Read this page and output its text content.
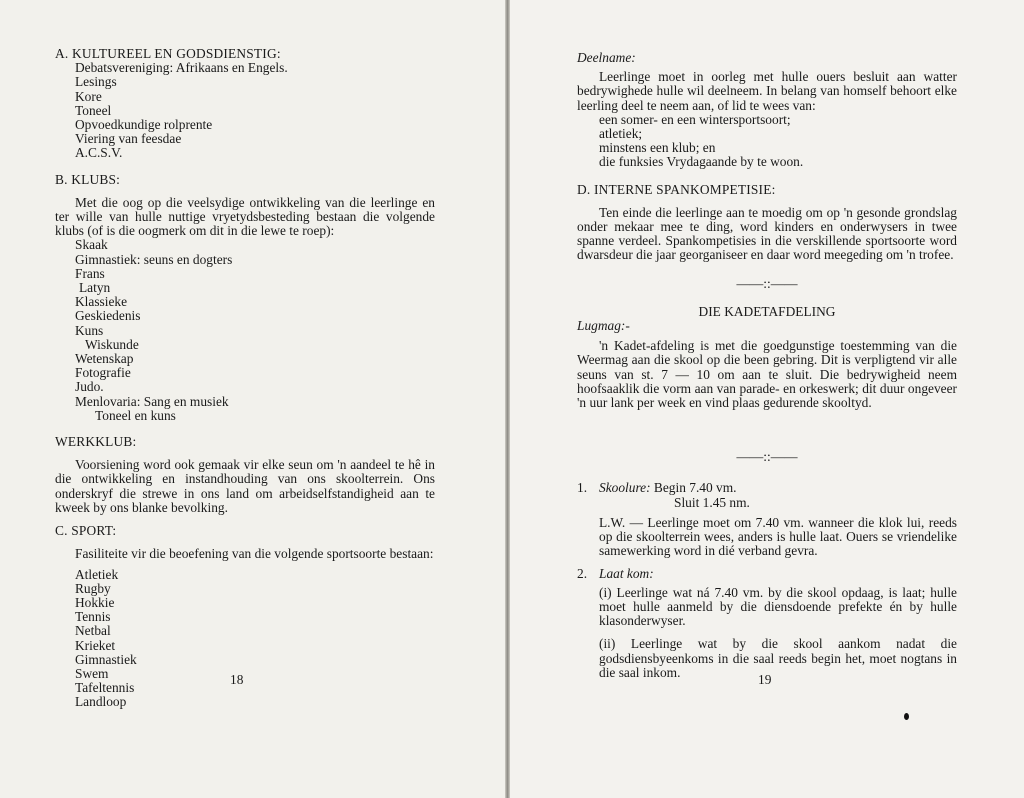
A. KULTUREEL EN GODSDIENSTIG:
Debatsvereniging: Afrikaans en Engels.
Lesings
Kore
Toneel
Opvoedkundige rolprente
Viering van feesdae
A.C.S.V.
B. KLUBS:
Met die oog op die veelsydige ontwikkeling van die leerlinge en ter wille van hulle nuttige vryetydsbesteding bestaan die volgende klubs (of is die oogmerk om dit in die lewe te roep):
Skaak
Gimnastiek: seuns en dogters
Frans
Latyn
Klassieke
Geskiedenis
Kuns
Wiskunde
Wetenskap
Fotografie
Judo.
Menlovaria: Sang en musiek
Toneel en kuns
WERKKLUB:
Voorsiening word ook gemaak vir elke seun om 'n aandeel te hê in die ontwikkeling en instandhouding van ons skoolterrein. Ons onderskryf die strewe in ons land om arbeidselfstandigheid aan te kweek by ons blanke bevolking.
C. SPORT:
Fasiliteite vir die beoefening van die volgende sportsoorte bestaan:
Atletiek
Rugby
Hokkie
Tennis
Netbal
Krieket
Gimnastiek
Swem
Tafeltennis
Landloop
18
Deelname:
Leerlinge moet in oorleg met hulle ouers besluit aan watter bedrywighede hulle wil deelneem. In belang van homself behoort elke leerling deel te neem aan, of lid te wees van:
een somer- en een wintersportsoort;
atletiek;
minstens een klub; en
die funksies Vrydagaande by te woon.
D. INTERNE SPANKOMPETISIE:
Ten einde die leerlinge aan te moedig om op 'n gesonde grondslag onder mekaar mee te ding, word kinders en onderwysers in twee spanne verdeel. Spankompetisies in die verskillende sportsoorte word dwarsdeur die jaar georganiseer en daar word meegeding om 'n trofee.
——::——
DIE KADETAFDELING
Lugmag:-
'n Kadet-afdeling is met die goedgunstige toestemming van die Weermag aan die skool op die been gebring. Dit is verpligtend vir alle seuns van st. 7 — 10 om aan te sluit. Die bedrywigheid neem hoofsaaklik die vorm aan van parade- en orkeswerk; dit duur ongeveer 'n uur lank per week en vind plaas gedurende skooltyd.
——::——
1. Skoolure: Begin 7.40 vm.
Sluit 1.45 nm.
L.W. — Leerlinge moet om 7.40 vm. wanneer die klok lui, reeds op die skoolterrein wees, anders is hulle laat. Ouers se vriendelike samewerking word in dié verband gevra.
2. Laat kom:
(i) Leerlinge wat ná 7.40 vm. by die skool opdaag, is laat; hulle moet hulle aanmeld by die diensdoende prefekte én by hulle klasonderwyser.
(ii) Leerlinge wat by die skool aankom nadat die godsdiensbyeenkoms in die saal reeds begin het, moet nogtans in die saal inkom.	19
